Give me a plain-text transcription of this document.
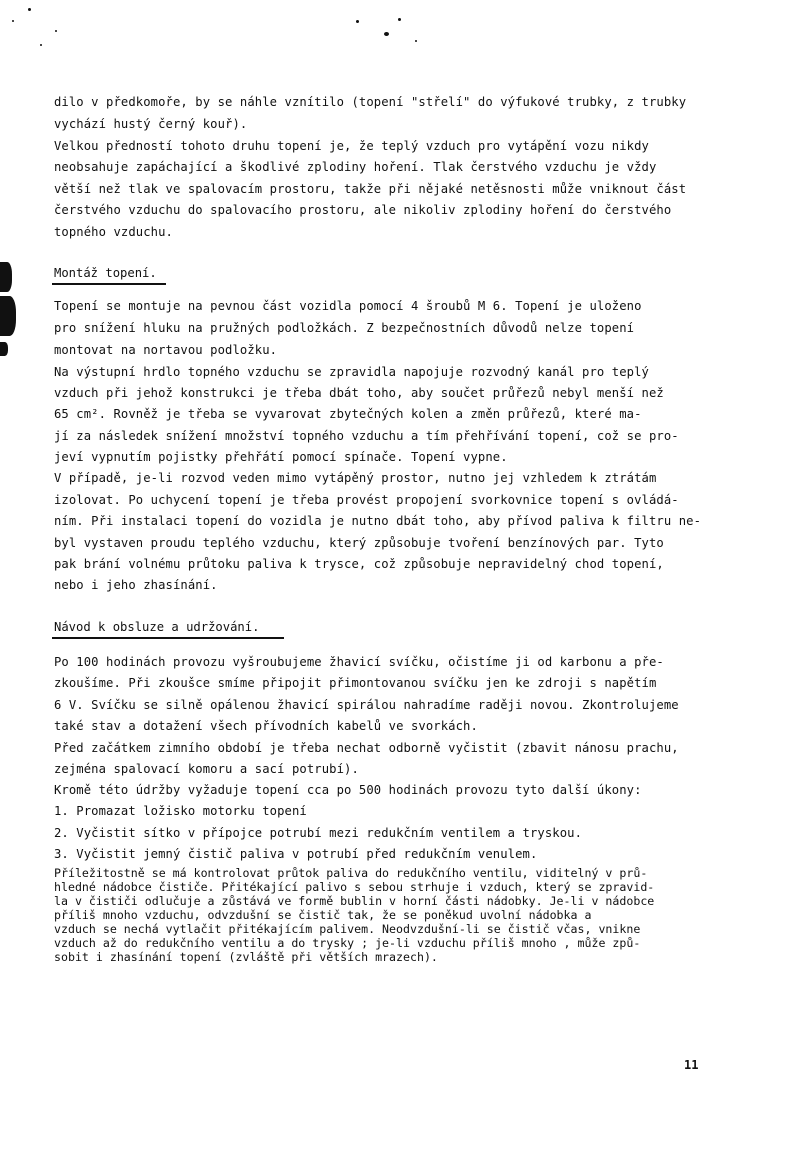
dilo v předkomoře, by se náhle vznítilo (topení "střelí" do výfukové trubky, z trubky
vychází hustý černý kouř).
Velkou předností tohoto druhu topení je, že teplý vzduch pro vytápění vozu nikdy
neobsahuje zapáchající a škodlivé zplodiny hoření. Tlak čerstvého vzduchu je vždy
větší než tlak ve spalovacím prostoru, takže při nějaké netěsnosti může vniknout část
čerstvého vzduchu do spalovacího prostoru, ale nikoliv zplodiny hoření do čerstvého
topného vzduchu.
Montáž topení.
Topení se montuje na pevnou část vozidla pomocí 4 šroubů M 6. Topení je uloženo
pro snížení hluku na pružných podložkách. Z bezpečnostních důvodů nelze topení
montovat na nortavou podložku.
Na výstupní hrdlo topného vzduchu se zpravidla napojuje rozvodný kanál pro teplý
vzduch při jehož konstrukci je třeba dbát toho, aby součet průřezů nebyl menší než
65 cm². Rovněž je třeba se vyvarovat zbytečných kolen a změn průřezů, které ma-
jí za následek snížení množství topného vzduchu a tím přehřívání topení, což se pro-
jeví vypnutím pojistky přehřátí pomocí spínače. Topení vypne.
V případě, je-li rozvod veden mimo vytápěný prostor, nutno jej vzhledem k ztrátám
izolovat. Po uchycení topení je třeba provést propojení svorkovnice topení s ovládá-
ním. Při instalaci topení do vozidla je nutno dbát toho, aby přívod paliva k filtru ne-
byl vystaven proudu teplého vzduchu, který způsobuje tvoření benzínových par. Tyto
pak brání volnému průtoku paliva k trysce, což způsobuje nepravidelný chod topení,
nebo i jeho zhasínání.
Návod k obsluze a udržování.
Po 100 hodinách provozu vyšroubujeme žhavicí svíčku, očistíme ji od karbonu a pře-
zkoušíme. Při zkoušce smíme připojit přimontovanou svíčku jen ke zdroji s napětím
6 V. Svíčku se silně opálenou žhavicí spirálou nahradíme raději novou. Zkontrolujeme
také stav a dotažení všech přívodních kabelů ve svorkách.
Před začátkem zimního období je třeba nechat odborně vyčistit (zbavit nánosu prachu,
zejména spalovací komoru a sací potrubí).
Kromě této údržby vyžaduje topení cca po 500 hodinách provozu tyto další úkony:
1. Promazat ložisko motorku topení
2. Vyčistit sítko v přípojce potrubí mezi redukčním ventilem a tryskou.
3. Vyčistit jemný čistič paliva v potrubí před redukčním venulem.
Příležitostně se má kontrolovat průtok paliva do redukčního ventilu, viditelný v prů-
hledné nádobce čističe. Přitékající palivo s sebou strhuje i vzduch, který se zpravid-
la v čističi odlučuje a zůstává ve formě bublin v horní části nádobky. Je-li v nádobce
příliš mnoho vzduchu, odvzdušní se čistič tak, že se poněkud uvolní nádobka a
vzduch se nechá vytlačit přitékajícím palivem. Neodvzdušní-li se čistič včas, vnikne
vzduch až do redukčního ventilu a do trysky ; je-li vzduchu příliš mnoho , může způ-
sobit i zhasínání topení (zvláště při větších mrazech).
11
